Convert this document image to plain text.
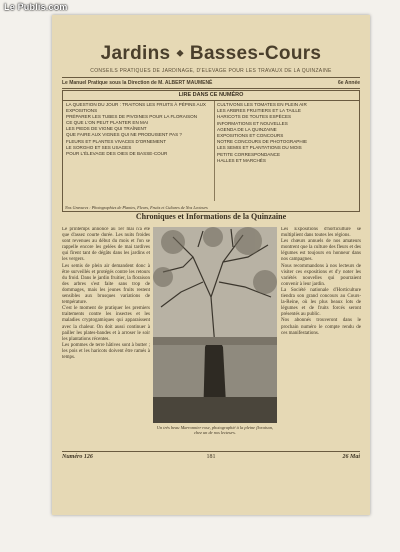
Le Publis.com
Jardins ❖ Basses-Cours
CONSEILS PRATIQUES DE JARDINAGE, D'ÉLEVAGE POUR LES TRAVAUX DE LA QUINZAINE
Le Manuel Pratique sous la Direction de M. ALBERT MAUMENÉ	6e Année
LIRE DANS CE NUMÉRO

LA QUESTION DU JOUR : TRAITONS LES FRUITS À PÉPINS AUX EXPOSITIONS

PRÉPARER LES TUBES DE PIVOINES POUR LA FLORAISON

CE QUE L'ON PEUT PLANTER EN MAI

LES PIEDS DE VIGNE QUI TRAÎNENT

QUE FAIRE AUX VIGNES QUI NE PRODUISENT PAS ?

FLEURS ET PLANTES VIVACES D'ORNEMENT

LE SORGHO ET SES USAGES

POUR L'ÉLEVAGE DES OIES DE BASSE-COUR

CULTIVONS LES TOMATES EN PLEIN AIR

LES ARBRES FRUITIERS ET LA TAILLE

HARICOTS DE TOUTES ESPÈCES

INFORMATIONS ET NOUVELLES

AGENDA DE LA QUINZAINE

EXPOSITIONS ET CONCOURS

NOTRE CONCOURS DE PHOTOGRAPHIE

LES SEMIS ET PLANTATIONS DU MOIS

PETITE CORRESPONDANCE

HALLES ET MARCHÉS

Nos Gravures : Photographies de Plantes, Fleurs, Fruits et Cultures de Nos Lecteurs
Chroniques et Informations de la Quinzaine

Le printemps annoncé au 1er mai n'a été que d'assez courte durée. Les nuits froides sont revenues au début du mois et l'on se rappelle encore les gelées de mai tardives qui firent tant de dégâts dans les jardins et les vergers.

Les semis de plein air demandent donc à être surveillés et protégés contre les retours du froid. Dans le jardin fruitier, la floraison des arbres s'est faite sans trop de dommages, mais les jeunes fruits restent sensibles aux brusques variations de température.

C'est le moment de pratiquer les premiers traitements contre les insectes et les maladies cryptogamiques qui apparaissent avec la chaleur. On doit aussi continuer à pailler les plates-bandes et à arroser le soir les plantations récentes.

Les pommes de terre hâtives sont à butter ; les pois et les haricots doivent être ramés à temps.

Un très beau Marronnier rose, photographié à la pleine floraison, chez un de nos lecteurs.

Les Expositions d'horticulture se multiplient dans toutes les régions.

Les chœurs annuels de nos amateurs montrent que la culture des fleurs et des légumes est toujours en honneur dans nos campagnes.

Nous recommandons à nos lecteurs de visiter ces expositions et d'y noter les variétés nouvelles qui pourraient convenir à leur jardin.

La Société nationale d'Horticulture tiendra son grand concours au Cours-la-Reine, où les plus beaux lots de légumes et de fruits forcés seront présentés au public.

Nos abonnés trouveront dans le prochain numéro le compte rendu de ces manifestations.

Numéro 126	181	26 Mai
